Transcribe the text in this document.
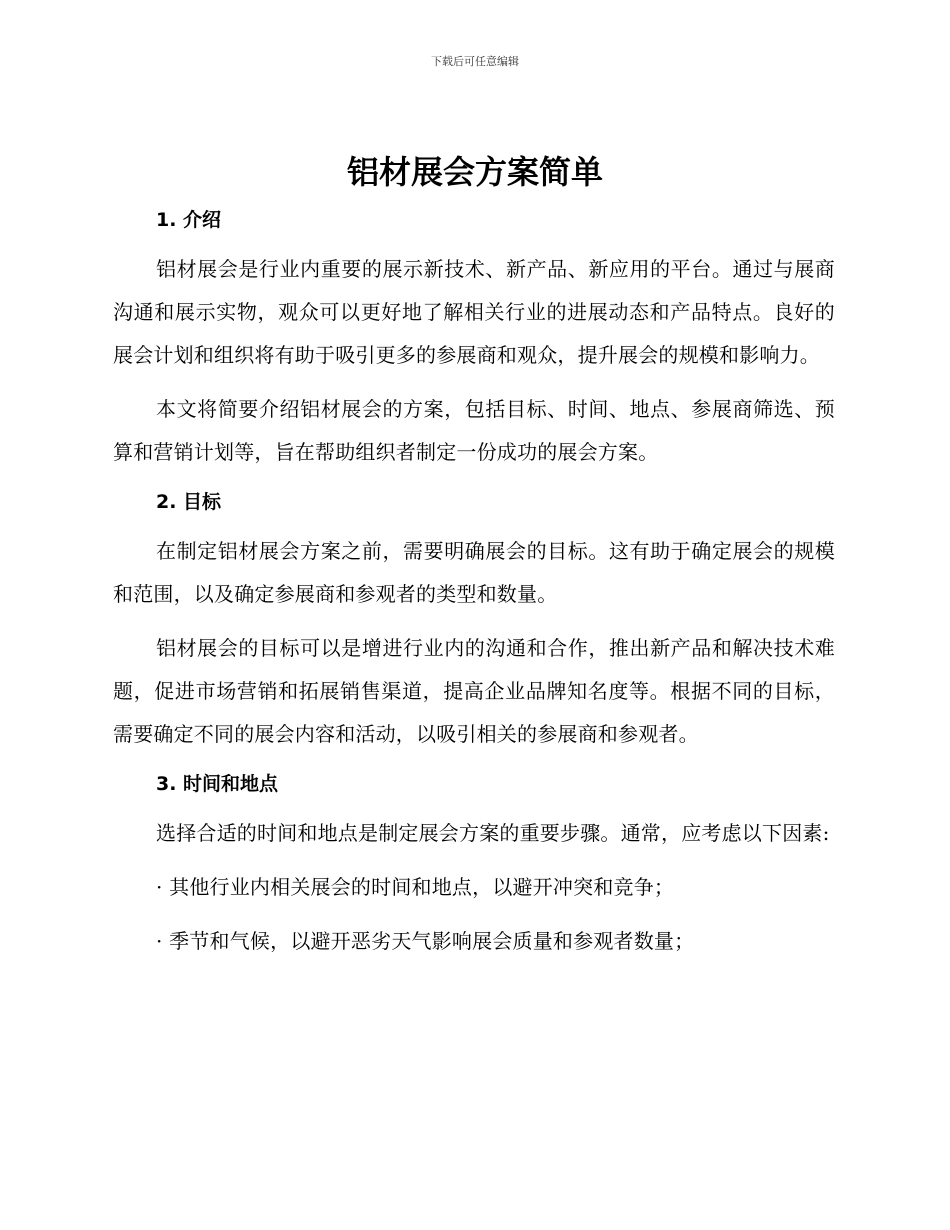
下载后可任意编辑
铝材展会方案简单
1. 介绍

铝材展会是行业内重要的展示新技术、新产品、新应用的平台。通过与展商沟通和展示实物，观众可以更好地了解相关行业的进展动态和产品特点。良好的展会计划和组织将有助于吸引更多的参展商和观众，提升展会的规模和影响力。

本文将简要介绍铝材展会的方案，包括目标、时间、地点、参展商筛选、预算和营销计划等，旨在帮助组织者制定一份成功的展会方案。

2. 目标

在制定铝材展会方案之前，需要明确展会的目标。这有助于确定展会的规模和范围，以及确定参展商和参观者的类型和数量。

铝材展会的目标可以是增进行业内的沟通和合作，推出新产品和解决技术难题，促进市场营销和拓展销售渠道，提高企业品牌知名度等。根据不同的目标，需要确定不同的展会内容和活动，以吸引相关的参展商和参观者。

3. 时间和地点

选择合适的时间和地点是制定展会方案的重要步骤。通常，应考虑以下因素:

· 其他行业内相关展会的时间和地点，以避开冲突和竞争；

· 季节和气候，以避开恶劣天气影响展会质量和参观者数量；
